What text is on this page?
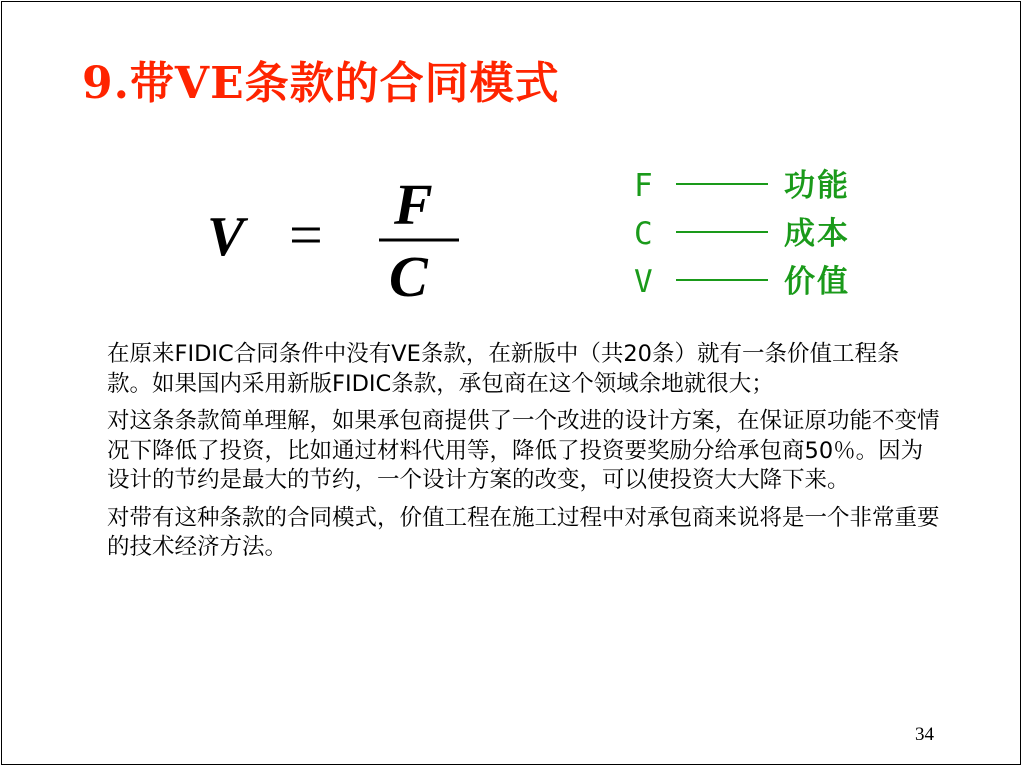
9.带VE条款的合同模式
V = F
C
F	功能
C	成本
V	价值

在原来FIDIC合同条件中没有VE条款，在新版中（共20条）就有一条价值工程条款。如果国内采用新版FIDIC条款，承包商在这个领域余地就很大；

对这条条款简单理解，如果承包商提供了一个改进的设计方案，在保证原功能不变情况下降低了投资，比如通过材料代用等，降低了投资要奖励分给承包商50％。因为设计的节约是最大的节约，一个设计方案的改变，可以使投资大大降下来。

对带有这种条款的合同模式，价值工程在施工过程中对承包商来说将是一个非常重要的技术经济方法。

34
